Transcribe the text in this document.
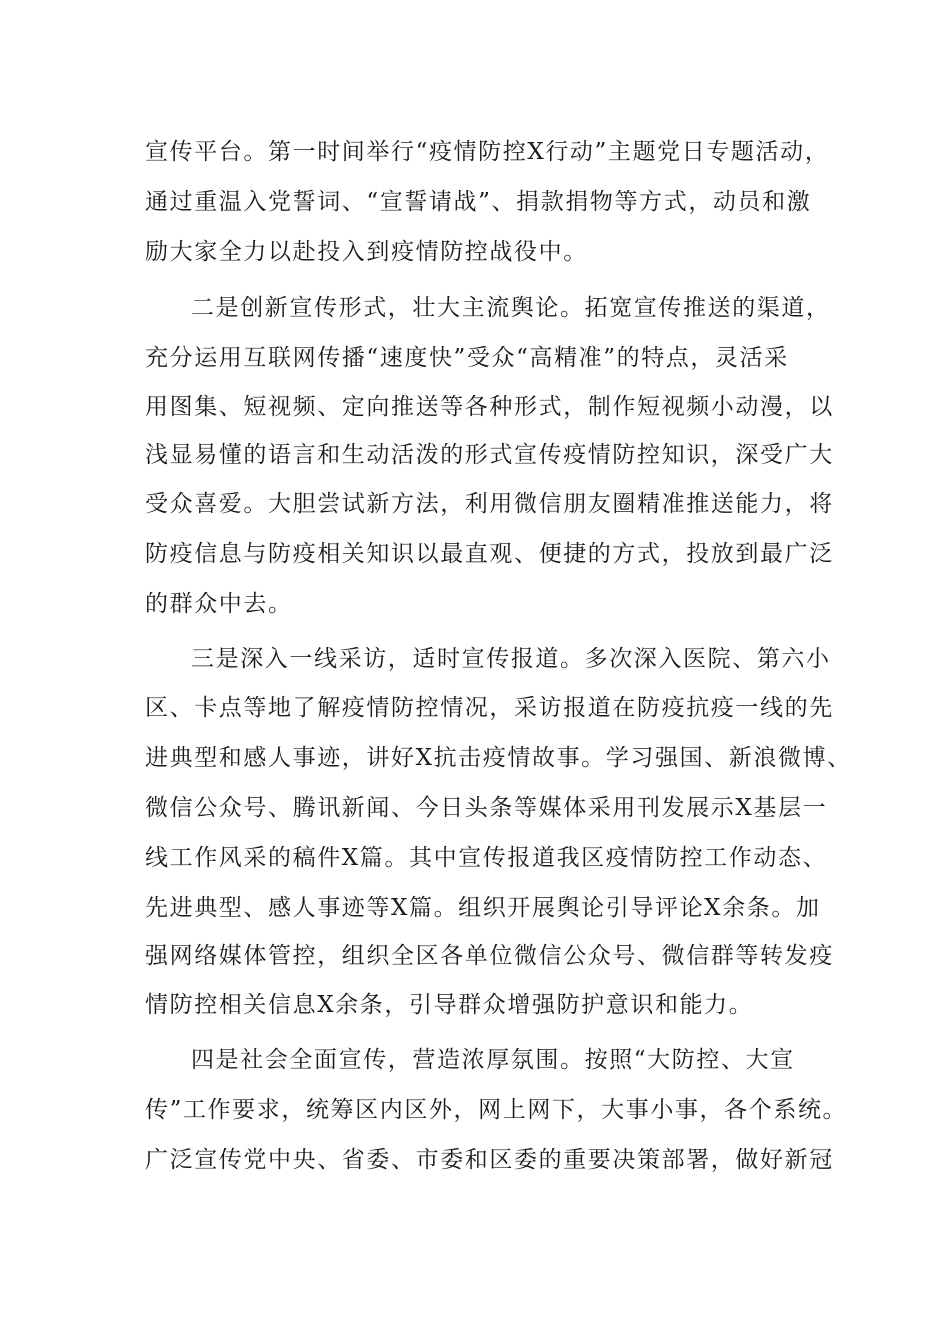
宣传平台。第一时间举行“疫情防控X行动”主题党日专题活动，
通过重温入党誓词、“宣誓请战”、捐款捐物等方式，动员和激
励大家全力以赴投入到疫情防控战役中。
二是创新宣传形式，壮大主流舆论。拓宽宣传推送的渠道，
充分运用互联网传播“速度快”受众“高精准”的特点，灵活采
用图集、短视频、定向推送等各种形式，制作短视频小动漫，以
浅显易懂的语言和生动活泼的形式宣传疫情防控知识，深受广大
受众喜爱。大胆尝试新方法，利用微信朋友圈精准推送能力，将
防疫信息与防疫相关知识以最直观、便捷的方式，投放到最广泛
的群众中去。
三是深入一线采访，适时宣传报道。多次深入医院、第六小
区、卡点等地了解疫情防控情况，采访报道在防疫抗疫一线的先
进典型和感人事迹，讲好X抗击疫情故事。学习强国、新浪微博、
微信公众号、腾讯新闻、今日头条等媒体采用刊发展示X基层一
线工作风采的稿件X篇。其中宣传报道我区疫情防控工作动态、
先进典型、感人事迹等X篇。组织开展舆论引导评论X余条。加
强网络媒体管控，组织全区各单位微信公众号、微信群等转发疫
情防控相关信息X余条，引导群众增强防护意识和能力。
四是社会全面宣传，营造浓厚氛围。按照“大防控、大宣
传”工作要求，统筹区内区外，网上网下，大事小事，各个系统。
广泛宣传党中央、省委、市委和区委的重要决策部署，做好新冠
